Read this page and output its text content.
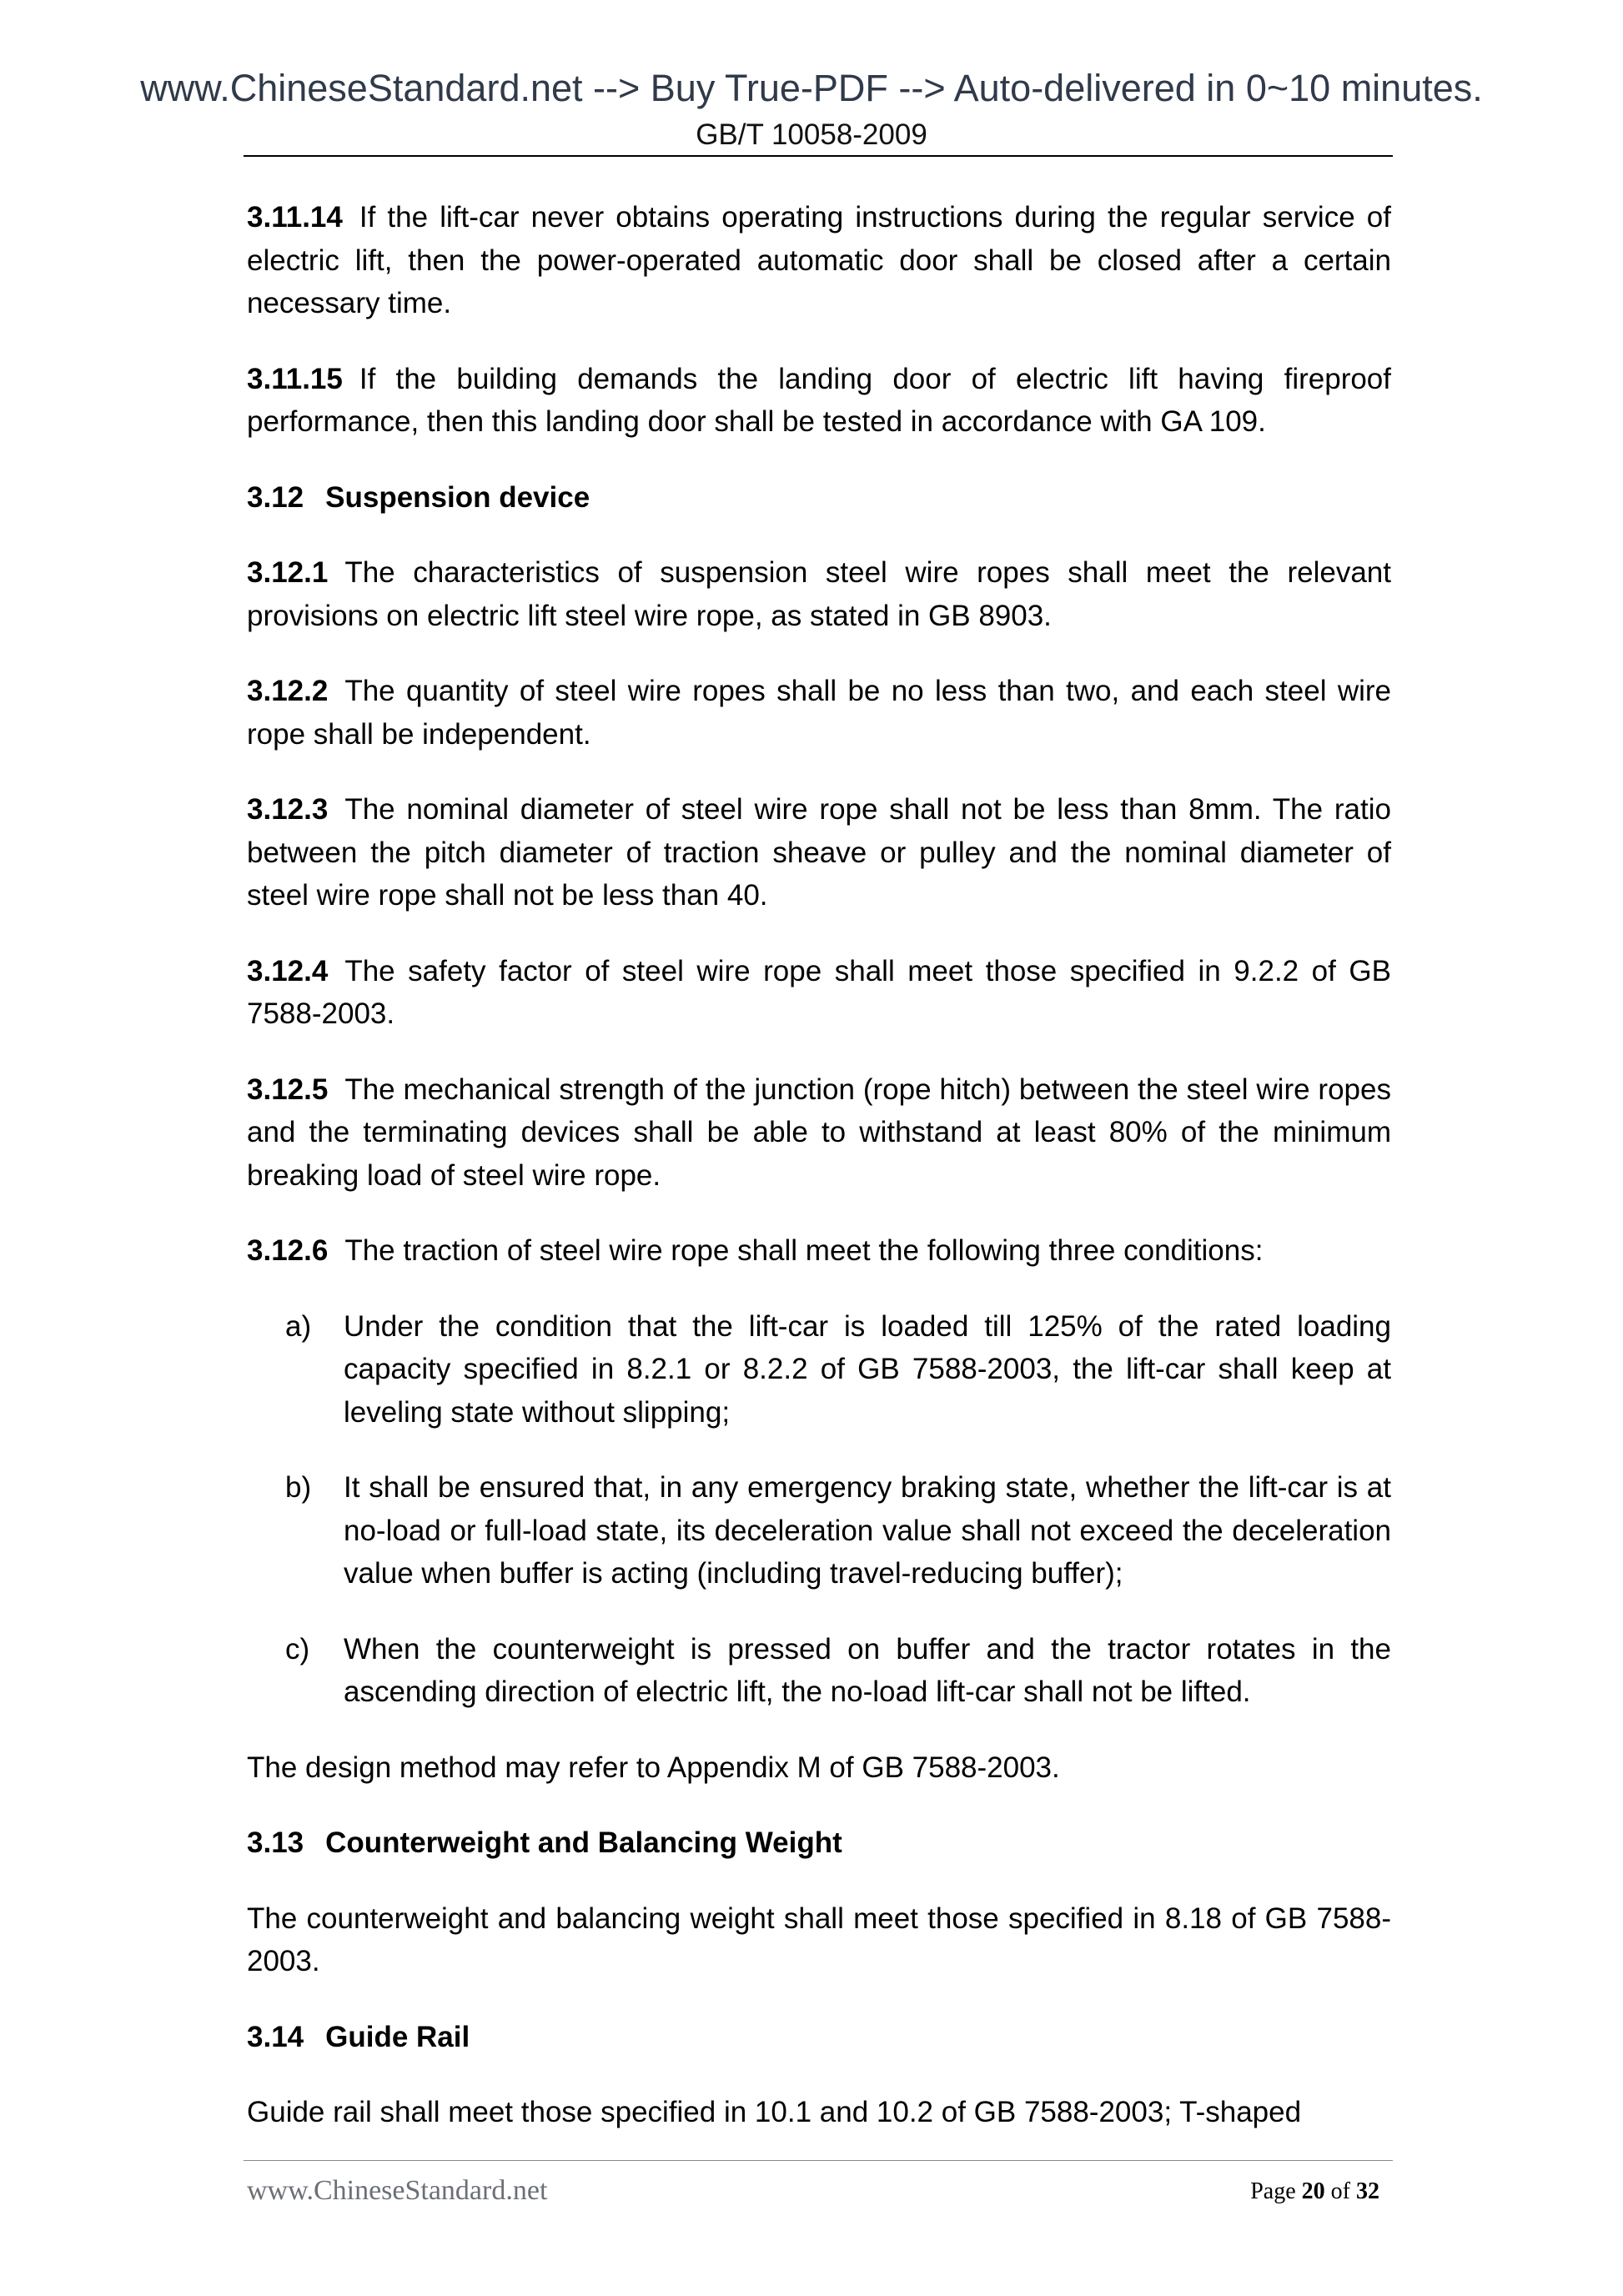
www.ChineseStandard.net --> Buy True-PDF --> Auto-delivered in 0~10 minutes.
GB/T 10058-2009

3.11.14 If the lift-car never obtains operating instructions during the regular service of electric lift, then the power-operated automatic door shall be closed after a certain necessary time.

3.11.15 If the building demands the landing door of electric lift having fireproof performance, then this landing door shall be tested in accordance with GA 109.

3.12 Suspension device

3.12.1 The characteristics of suspension steel wire ropes shall meet the relevant provisions on electric lift steel wire rope, as stated in GB 8903.

3.12.2 The quantity of steel wire ropes shall be no less than two, and each steel wire rope shall be independent.

3.12.3 The nominal diameter of steel wire rope shall not be less than 8mm. The ratio between the pitch diameter of traction sheave or pulley and the nominal diameter of steel wire rope shall not be less than 40.

3.12.4 The safety factor of steel wire rope shall meet those specified in 9.2.2 of GB 7588-2003.

3.12.5 The mechanical strength of the junction (rope hitch) between the steel wire ropes and the terminating devices shall be able to withstand at least 80% of the minimum breaking load of steel wire rope.

3.12.6 The traction of steel wire rope shall meet the following three conditions:

a) Under the condition that the lift-car is loaded till 125% of the rated loading capacity specified in 8.2.1 or 8.2.2 of GB 7588-2003, the lift-car shall keep at leveling state without slipping;
b) It shall be ensured that, in any emergency braking state, whether the lift-car is at no-load or full-load state, its deceleration value shall not exceed the deceleration value when buffer is acting (including travel-reducing buffer);
c) When the counterweight is pressed on buffer and the tractor rotates in the ascending direction of electric lift, the no-load lift-car shall not be lifted.

The design method may refer to Appendix M of GB 7588-2003.

3.13 Counterweight and Balancing Weight

The counterweight and balancing weight shall meet those specified in 8.18 of GB 7588-2003.

3.14 Guide Rail

Guide rail shall meet those specified in 10.1 and 10.2 of GB 7588-2003; T-shaped

www.ChineseStandard.net	Page 20 of 32
